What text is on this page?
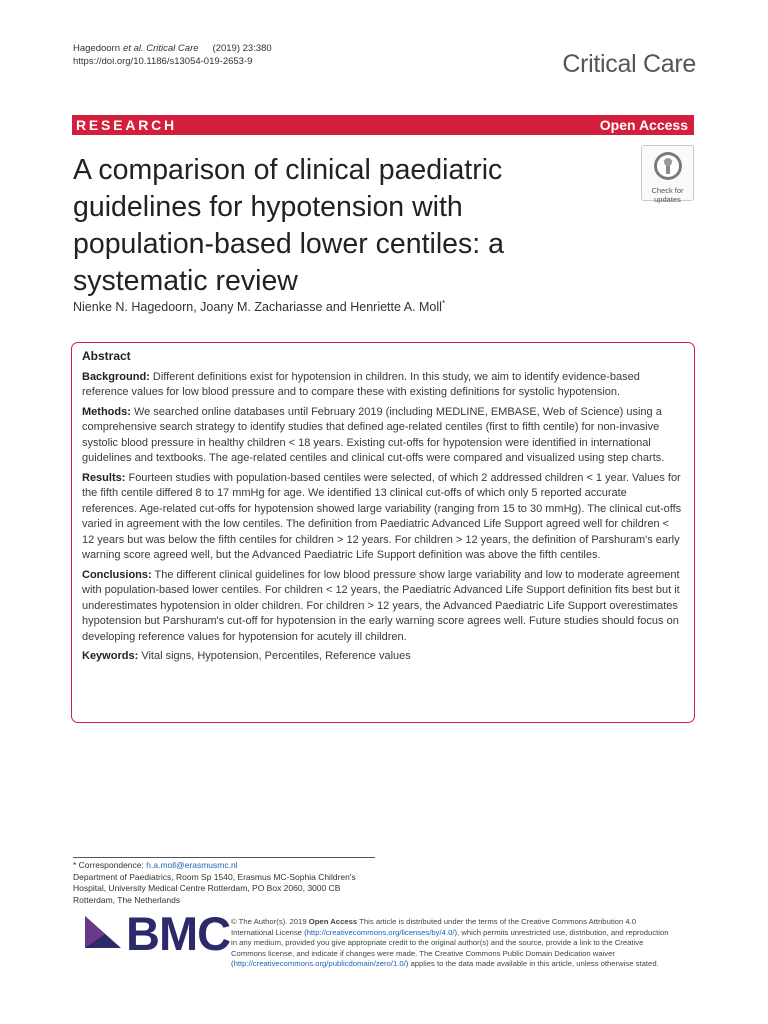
Hagedoorn et al. Critical Care (2019) 23:380
https://doi.org/10.1186/s13054-019-2653-9	Critical Care
RESEARCH	Open Access
A comparison of clinical paediatric guidelines for hypotension with population-based lower centiles: a systematic review
Check for
updates
Nienke N. Hagedoorn, Joany M. Zachariasse and Henriette A. Moll*
Abstract

Background: Different definitions exist for hypotension in children. In this study, we aim to identify evidence-based reference values for low blood pressure and to compare these with existing definitions for systolic hypotension.

Methods: We searched online databases until February 2019 (including MEDLINE, EMBASE, Web of Science) using a comprehensive search strategy to identify studies that defined age-related centiles (first to fifth centile) for non-invasive systolic blood pressure in healthy children < 18 years. Existing cut-offs for hypotension were identified in international guidelines and textbooks. The age-related centiles and clinical cut-offs were compared and visualized using step charts.

Results: Fourteen studies with population-based centiles were selected, of which 2 addressed children < 1 year. Values for the fifth centile differed 8 to 17 mmHg for age. We identified 13 clinical cut-offs of which only 5 reported accurate references. Age-related cut-offs for hypotension showed large variability (ranging from 15 to 30 mmHg). The clinical cut-offs varied in agreement with the low centiles. The definition from Paediatric Advanced Life Support agreed well for children < 12 years but was below the fifth centiles for children > 12 years. For children > 12 years, the definition of Parshuram's early warning score agreed well, but the Advanced Paediatric Life Support definition was above the fifth centiles.

Conclusions: The different clinical guidelines for low blood pressure show large variability and low to moderate agreement with population-based lower centiles. For children < 12 years, the Paediatric Advanced Life Support definition fits best but it underestimates hypotension in older children. For children > 12 years, the Advanced Paediatric Life Support overestimates hypotension but Parshuram's cut-off for hypotension in the early warning score agrees well. Future studies should focus on developing reference values for hypotension for acutely ill children.

Keywords: Vital signs, Hypotension, Percentiles, Reference values

* Correspondence: h.a.moll@erasmusmc.nl
Department of Paediatrics, Room Sp 1540, Erasmus MC-Sophia Children's Hospital, University Medical Centre Rotterdam, PO Box 2060, 3000 CB Rotterdam, The Netherlands
BMC © The Author(s). 2019 Open Access This article is distributed under the terms of the Creative Commons Attribution 4.0 International License (http://creativecommons.org/licenses/by/4.0/), which permits unrestricted use, distribution, and reproduction in any medium, provided you give appropriate credit to the original author(s) and the source, provide a link to the Creative Commons license, and indicate if changes were made. The Creative Commons Public Domain Dedication waiver (http://creativecommons.org/publicdomain/zero/1.0/) applies to the data made available in this article, unless otherwise stated.
